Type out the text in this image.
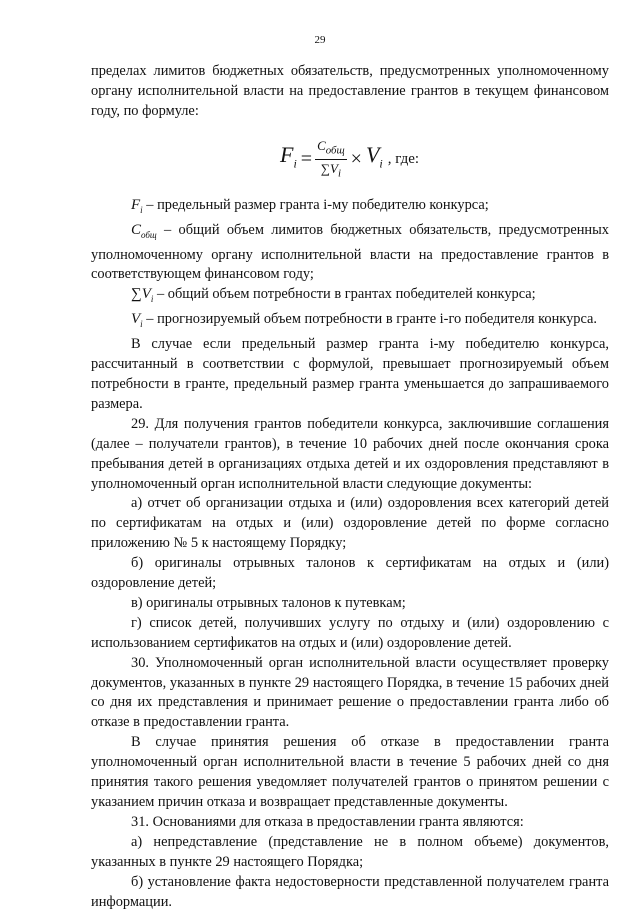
29

пределах лимитов бюджетных обязательств, предусмотренных уполномоченному органу исполнительной власти на предоставление грантов в текущем финансовом году, по формуле:

$F_i = \frac{C_{общ}}{\sum V_i} \times V_i$ , где:

$F_i$ – предельный размер гранта i-му победителю конкурса;

$C_{общ}$ – общий объем лимитов бюджетных обязательств, предусмотренных уполномоченному органу исполнительной власти на предоставление грантов в соответствующем финансовом году;

$\sum V_i$ – общий объем потребности в грантах победителей конкурса;

$V_i$ – прогнозируемый объем потребности в гранте i-го победителя конкурса.

В случае если предельный размер гранта i-му победителю конкурса, рассчитанный в соответствии с формулой, превышает прогнозируемый объем потребности в гранте, предельный размер гранта уменьшается до запрашиваемого размера.

29. Для получения грантов победители конкурса, заключившие соглашения (далее – получатели грантов), в течение 10 рабочих дней после окончания срока пребывания детей в организациях отдыха детей и их оздоровления представляют в уполномоченный орган исполнительной власти следующие документы:

а) отчет об организации отдыха и (или) оздоровления всех категорий детей по сертификатам на отдых и (или) оздоровление детей по форме согласно приложению № 5 к настоящему Порядку;

б) оригиналы отрывных талонов к сертификатам на отдых и (или) оздоровление детей;

в) оригиналы отрывных талонов к путевкам;

г) список детей, получивших услугу по отдыху и (или) оздоровлению с использованием сертификатов на отдых и (или) оздоровление детей.

30. Уполномоченный орган исполнительной власти осуществляет проверку документов, указанных в пункте 29 настоящего Порядка, в течение 15 рабочих дней со дня их представления и принимает решение о предоставлении гранта либо об отказе в предоставлении гранта.

В случае принятия решения об отказе в предоставлении гранта уполномоченный орган исполнительной власти в течение 5 рабочих дней со дня принятия такого решения уведомляет получателей грантов о принятом решении с указанием причин отказа и возвращает представленные документы.

31. Основаниями для отказа в предоставлении гранта являются:

а) непредставление (представление не в полном объеме) документов, указанных в пункте 29 настоящего Порядка;

б) установление факта недостоверности представленной получателем гранта информации.
